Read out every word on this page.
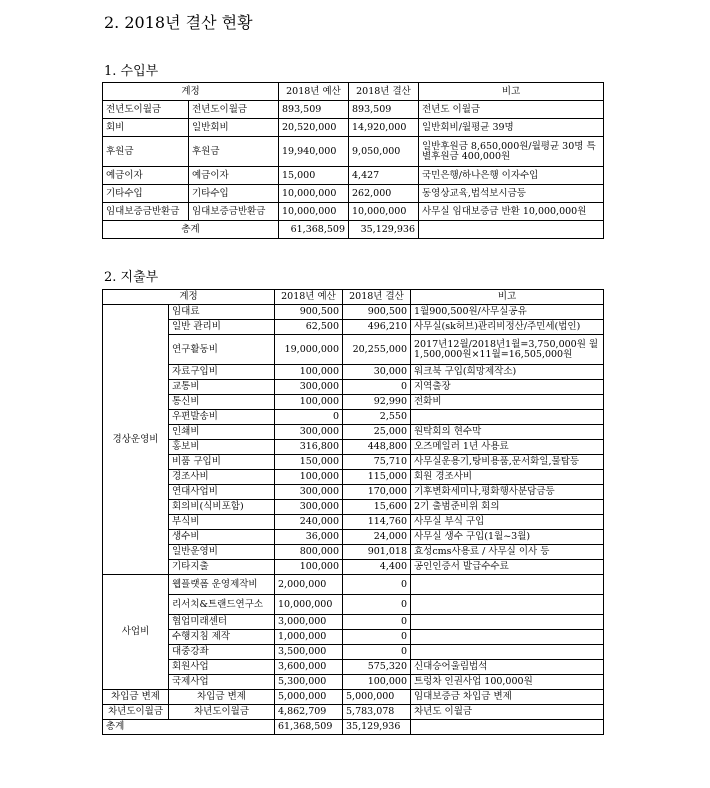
2. 2018년 결산 현황
1. 수입부
계정		2018년 예산	2018년 결산	비고
전년도이월금	전년도이월금	893,509	893,509	전년도 이월금
회비	일반회비	20,520,000	14,920,000	일반회비/월평균 39명
후원금	후원금	19,940,000	9,050,000	일반후원금 8,650,000원/월평균 30명 특별후원금 400,000원
예금이자	예금이자	15,000	4,427	국민은행/하나은행 이자수입
기타수입	기타수입	10,000,000	262,000	동영상교육,법석보시금등
임대보증금반환금	임대보증금반환금	10,000,000	10,000,000	사무실 임대보증금 반환 10,000,000원
총계		61,368,509	35,129,936	
2. 지출부
계정		2018년 예산	2018년 결산	비고
경상운영비	임대료	900,500	900,500	1월900,500원/사무실공유
	일반 관리비	62,500	496,210	사무실(sk허브)관리비정산/주민세(법인)
	연구활동비	19,000,000	20,255,000	2017년12월/2018년1월=3,750,000원 월1,500,000원×11월=16,505,000원
	자료구입비	100,000	30,000	워크북 구입(희망제작소)
	교통비	300,000	0	지역출장
	통신비	100,000	92,990	전화비
	우편발송비	0	2,550	
	인쇄비	300,000	25,000	원탁회의 현수막
	홍보비	316,800	448,800	오즈메일러 1년 사용료
	비품 구입비	150,000	75,710	사무실운용기,탕비용품,문서화일,물탑등
	경조사비	100,000	115,000	회원 경조사비
	연대사업비	300,000	170,000	기후변화세미나,평화행사분담금등
	회의비(식비포함)	300,000	15,600	2기 출범준비위 회의
	부식비	240,000	114,760	사무실 부식 구입
	생수비	36,000	24,000	사무실 생수 구입(1월~3월)
	일반운영비	800,000	901,018	효성cms사용료 / 사무실 이사 등
	기타지출	100,000	4,400	공인인증서 발급수수료
사업비	웹플랫폼 운영제작비	2,000,000	0	
	리서치&트랜드연구소	10,000,000	0	
	협업미래센터	3,000,000	0	
	수행지침 제작	1,000,000	0	
	대중강좌	3,500,000	0	
	회원사업	3,600,000	575,320	신대승어울림법석
	국제사업	5,300,000	100,000	트렁차 인권사업 100,000원
차입금 변제	차입금 변제	5,000,000	5,000,000	임대보증금 차입금 변제
차년도이월금	차년도이월금	4,862,709	5,783,078	차년도 이월금
총계		61,368,509	35,129,936	
